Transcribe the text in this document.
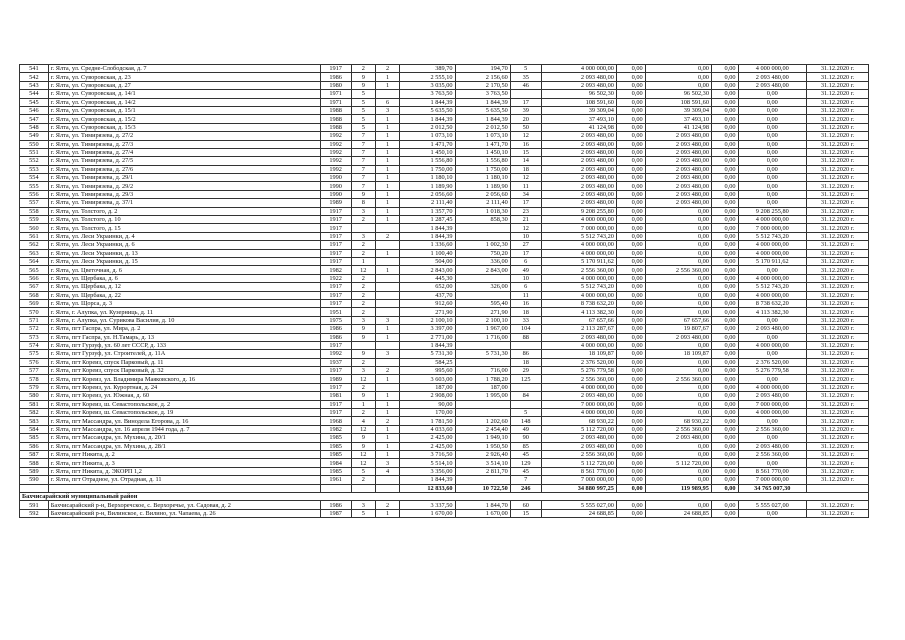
541	г. Ялта, ул. Средне-Слободская, д. 7	1917	2	2	389,70	194,70	5	4 000 000,00	0,00	0,00	0,00	4 000 000,00	31.12.2020 г.
542	г. Ялта, ул. Суворовская, д. 23	1986	9	1	2 555,10	2 156,60	35	2 093 480,00	0,00	0,00	0,00	2 093 480,00	31.12.2020 г.
543	г. Ялта, ул. Суворовская, д. 27	1980	9	1	3 035,00	2 170,50	46	2 093 480,00	0,00	0,00	0,00	2 093 480,00	31.12.2020 г.
544	г. Ялта, ул. Суворовская, д. 14/1	1971	5		3 763,50	3 763,50		96 502,30	0,00	96 502,30	0,00	0,00	31.12.2020 г.
545	г. Ялта, ул. Суворовская, д. 14/2	1971	5	6	1 844,39	1 844,39	17	108 591,60	0,00	108 591,60	0,00	0,00	31.12.2020 г.
546	г. Ялта, ул. Суворовская, д. 15/1	1988	5	3	5 635,50	5 635,50	39	39 309,04	0,00	39 309,04	0,00	0,00	31.12.2020 г.
547	г. Ялта, ул. Суворовская, д. 15/2	1988	5	1	1 844,39	1 844,39	20	37 493,10	0,00	37 493,10	0,00	0,00	31.12.2020 г.
548	г. Ялта, ул. Суворовская, д. 15/3	1988	5	1	2 012,50	2 012,50	50	41 124,98	0,00	41 124,98	0,00	0,00	31.12.2020 г.
549	г. Ялта, ул. Тимирязева, д. 27/2	1992	7	1	1 073,10	1 073,10	12	2 093 480,00	0,00	2 093 480,00	0,00	0,00	31.12.2020 г.
550	г. Ялта, ул. Тимирязева, д. 27/3	1992	7	1	1 471,70	1 471,70	16	2 093 480,00	0,00	2 093 480,00	0,00	0,00	31.12.2020 г.
551	г. Ялта, ул. Тимирязева, д. 27/4	1992	7	1	1 450,10	1 450,10	15	2 093 480,00	0,00	2 093 480,00	0,00	0,00	31.12.2020 г.
552	г. Ялта, ул. Тимирязева, д. 27/5	1992	7	1	1 556,80	1 556,80	14	2 093 480,00	0,00	2 093 480,00	0,00	0,00	31.12.2020 г.
553	г. Ялта, ул. Тимирязева, д. 27/6	1992	7	1	1 750,00	1 750,00	18	2 093 480,00	0,00	2 093 480,00	0,00	0,00	31.12.2020 г.
554	г. Ялта, ул. Тимирязева, д. 29/1	1990	7	1	1 180,10	1 180,10	12	2 093 480,00	0,00	2 093 480,00	0,00	0,00	31.12.2020 г.
555	г. Ялта, ул. Тимирязева, д. 29/2	1990	7	1	1 189,90	1 189,90	11	2 093 480,00	0,00	2 093 480,00	0,00	0,00	31.12.2020 г.
556	г. Ялта, ул. Тимирязева, д. 29/3	1990	9	1	2 056,60	2 056,60	34	2 093 480,00	0,00	2 093 480,00	0,00	0,00	31.12.2020 г.
557	г. Ялта, ул. Тимирязева, д. 37/1	1989	8	1	2 111,40	2 111,40	17	2 093 480,00	0,00	2 093 480,00	0,00	0,00	31.12.2020 г.
558	г. Ялта, ул. Толстого, д. 2	1917	3	1	1 357,70	1 018,30	23	9 208 255,80	0,00	0,00	0,00	9 208 255,80	31.12.2020 г.
559	г. Ялта, ул. Толстого, д. 10	1917	2	1	1 287,45	858,30	21	4 000 000,00	0,00	0,00	0,00	4 000 000,00	31.12.2020 г.
560	г. Ялта, ул. Толстого, д. 15	1917			1 844,39		12	7 000 000,00	0,00	0,00	0,00	7 000 000,00	31.12.2020 г.
561	г. Ялта, ул. Леси Украинки, д. 4	1917	3	2	1 844,39		10	5 512 743,20	0,00	0,00	0,00	5 512 743,20	31.12.2020 г.
562	г. Ялта, ул. Леси Украинки, д. 6	1917	2		1 336,60	1 002,30	27	4 000 000,00	0,00	0,00	0,00	4 000 000,00	31.12.2020 г.
563	г. Ялта, ул. Леси Украинки, д. 13	1917	2	1	1 100,40	750,20	17	4 000 000,00	0,00	0,00	0,00	4 000 000,00	31.12.2020 г.
564	г. Ялта, ул. Леси Украинки, д. 15	1917	1		504,00	336,00	6	5 170 911,62	0,00	0,00	0,00	5 170 911,62	31.12.2020 г.
565	г. Ялта, ул. Цветочная, д. 6	1982	12	1	2 843,00	2 843,00	49	2 556 360,00	0,00	2 556 360,00	0,00	0,00	31.12.2020 г.
566	г. Ялта, ул. Щербака, д. 6	1922	2		445,30		10	4 000 000,00	0,00	0,00	0,00	4 000 000,00	31.12.2020 г.
567	г. Ялта, ул. Щербака, д. 12	1917	2		652,00	326,00	6	5 512 743,20	0,00	0,00	0,00	5 512 743,20	31.12.2020 г.
568	г. Ялта, ул. Щербака, д. 22	1917	2		437,70		11	4 000 000,00	0,00	0,00	0,00	4 000 000,00	31.12.2020 г.
569	г. Ялта, ул. Щорса, д. 3	1917	2		912,60	595,40	16	8 738 632,20	0,00	0,00	0,00	8 738 632,20	31.12.2020 г.
570	г. Ялта, г. Алупка, ул. Кузерниць, д. 11	1951	2		271,90	271,90	18	4 113 382,30	0,00	0,00	0,00	4 113 382,30	31.12.2020 г.
571	г. Ялта, г. Алупка, ул. Сурикова Василия, д. 10	1975	3	3	2 100,10	2 100,10	33	67 657,66	0,00	67 657,66	0,00	0,00	31.12.2020 г.
572	г. Ялта, пгт Гаспра, ул. Мира, д. 2	1986	9	1	3 397,00	1 967,00	104	2 113 287,67	0,00	19 807,67	0,00	2 093 480,00	31.12.2020 г.
573	г. Ялта, пгт Гаспра, ул. Н.Тамарь, д. 13	1986	9	1	2 771,00	1 716,00	88	2 093 480,00	0,00	2 093 480,00	0,00	0,00	31.12.2020 г.
574	г. Ялта, пгт Гурзуф, ул. 60 лет СССР, д. 133	1917			1 844,39			4 000 000,00	0,00	0,00	0,00	4 000 000,00	31.12.2020 г.
575	г. Ялта, пгт Гурзуф, ул. Строителей, д. 11А	1992	9	3	5 731,30	5 731,30	86	18 109,87	0,00	18 109,87	0,00	0,00	31.12.2020 г.
576	г. Ялта, пгт Кореиз, спуск Парковый, д. 11	1937	2		584,25		18	2 376 520,00	0,00	0,00	0,00	2 376 520,00	31.12.2020 г.
577	г. Ялта, пгт Кореиз, спуск Парковый, д. 32	1917	3	2	995,60	716,00	29	5 276 779,58	0,00	0,00	0,00	5 276 779,58	31.12.2020 г.
578	г. Ялта, пгт Кореиз, ул. Владимира Маяковского, д. 16	1989	12	1	3 603,00	1 788,20	125	2 556 360,00	0,00	2 556 360,00	0,00	0,00	31.12.2020 г.
579	г. Ялта, пгт Кореиз, ул. Курортная, д. 24	1917	2		187,00	187,00		4 000 000,00	0,00	0,00	0,00	4 000 000,00	31.12.2020 г.
580	г. Ялта, пгт Кореиз, ул. Южная, д. 60	1981	9	1	2 908,00	1 995,00	84	2 093 480,00	0,00	0,00	0,00	2 093 480,00	31.12.2020 г.
581	г. Ялта, пгт Кореиз, ш. Севастопольское, д. 2	1917	1	1	90,00			7 000 000,00	0,00	0,00	0,00	7 000 000,00	31.12.2020 г.
582	г. Ялта, пгт Кореиз, ш. Севастопольское, д. 19	1917	2	1	170,00		5	4 000 000,00	0,00	0,00	0,00	4 000 000,00	31.12.2020 г.
583	г. Ялта, пгт Массандра, ул. Винодела Егорова, д. 16	1968	4	2	1 781,50	1 202,60	148	68 930,22	0,00	68 930,22	0,00	0,00	31.12.2020 г.
584	г. Ялта, пгт Массандра, ул. 16 апреля 1944 года, д. 7	1982	12	1	4 033,60	2 454,40	49	5 112 720,00	0,00	2 556 360,00	0,00	2 556 360,00	31.12.2020 г.
585	г. Ялта, пгт Массандра, ул. Мухина, д. 20/1	1985	9	1	2 425,00	1 949,10	90	2 093 480,00	0,00	2 093 480,00	0,00	0,00	31.12.2020 г.
586	г. Ялта, пгт Массандра, ул. Мухина, д. 28/1	1985	9	1	2 425,00	1 950,50	85	2 093 480,00	0,00	0,00	0,00	2 093 480,00	31.12.2020 г.
587	г. Ялта, пгт Никита, д. 2	1985	12	1	3 716,50	2 926,40	45	2 556 360,00	0,00	0,00	0,00	2 556 360,00	31.12.2020 г.
588	г. Ялта, пгт Никита, д. 3	1984	12	3	5 514,10	3 514,10	129	5 112 720,00	0,00	5 112 720,00	0,00	0,00	31.12.2020 г.
589	г. Ялта, пгт Никита, д. ЭКОРП 1,2	1985	5	4	3 356,00	2 811,70	45	8 561 770,00	0,00	0,00	0,00	8 561 770,00	31.12.2020 г.
590	г. Ялта, пгт Отрадное, ул. Отрадная, д. 11	1961	2		1 844,39		7	7 000 000,00	0,00	0,00	0,00	7 000 000,00	31.12.2020 г.
					12 833,60	10 722,50	246	34 880 997,25	0,00	119 989,95	0,00	34 765 007,30	
Бахчисарайский муниципальный район													
591	Бахчисарайский р-н, Верхоречское, с. Верхоречье, ул. Садовая, д. 2	1986	3	2	3 337,50	1 844,70	60	5 555 027,00	0,00	0,00	0,00	5 555 027,00	31.12.2020 г.
592	Бахчисарайский р-н, Вилинское, с. Вилино, ул. Чапаева, д. 26	1987	5	1	1 670,00	1 670,00	15	24 688,85	0,00	24 688,85	0,00	0,00	31.12.2020 г.
